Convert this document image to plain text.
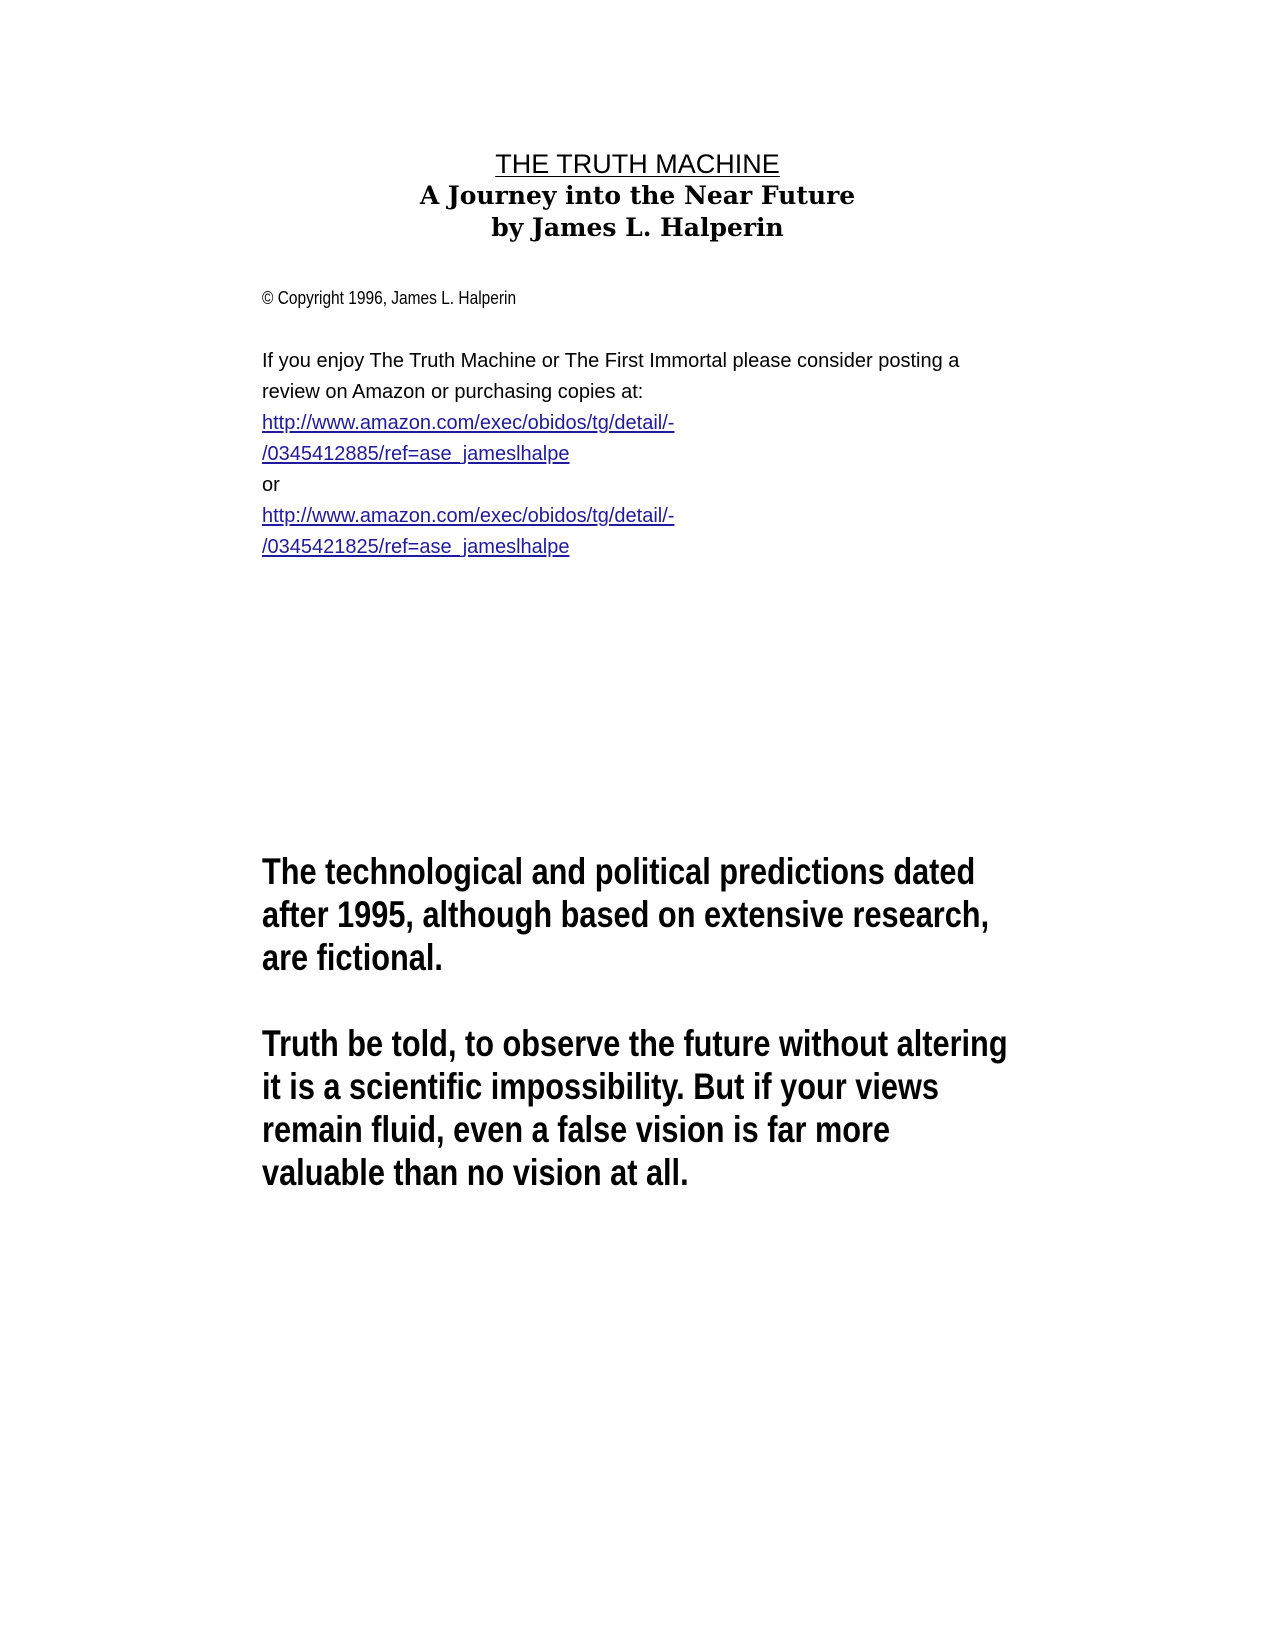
THE TRUTH MACHINE
A Journey into the Near Future
by James L. Halperin
© Copyright 1996, James L. Halperin

If you enjoy The Truth Machine or The First Immortal please consider posting a

review on Amazon or purchasing copies at:

http://www.amazon.com/exec/obidos/tg/detail/-
/0345412885/ref=ase_jameslhalpe

or

http://www.amazon.com/exec/obidos/tg/detail/-
/0345421825/ref=ase_jameslhalpe

The technological and political predictions dated after 1995, although based on extensive research, are fictional.

Truth be told, to observe the future without altering it is a scientific impossibility. But if your views remain fluid, even a false vision is far more valuable than no vision at all.
